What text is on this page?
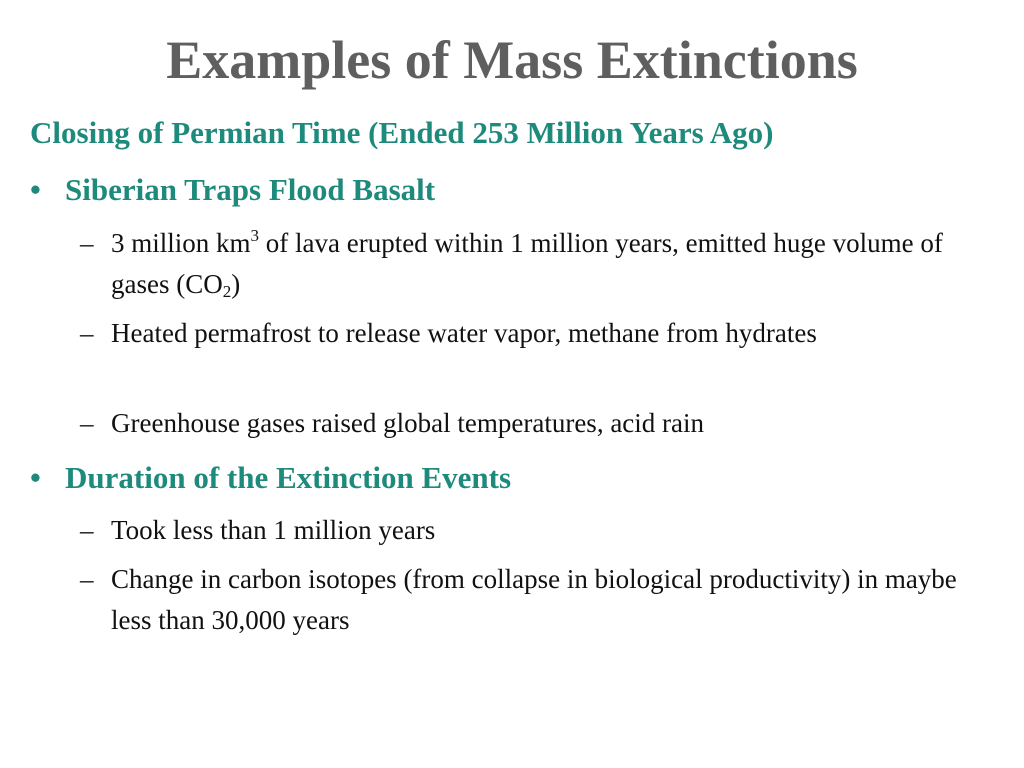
Examples of Mass Extinctions
Closing of Permian Time (Ended 253 Million Years Ago)
• Siberian Traps Flood Basalt
– 3 million $km^3$ of lava erupted within 1 million years, emitted huge volume of gases $(CO_2)$
– Heated permafrost to release water vapor, methane from hydrates
– Greenhouse gases raised global temperatures, acid rain
• Duration of the Extinction Events
– Took less than 1 million years
– Change in carbon isotopes (from collapse in biological productivity) in maybe less than 30,000 years
